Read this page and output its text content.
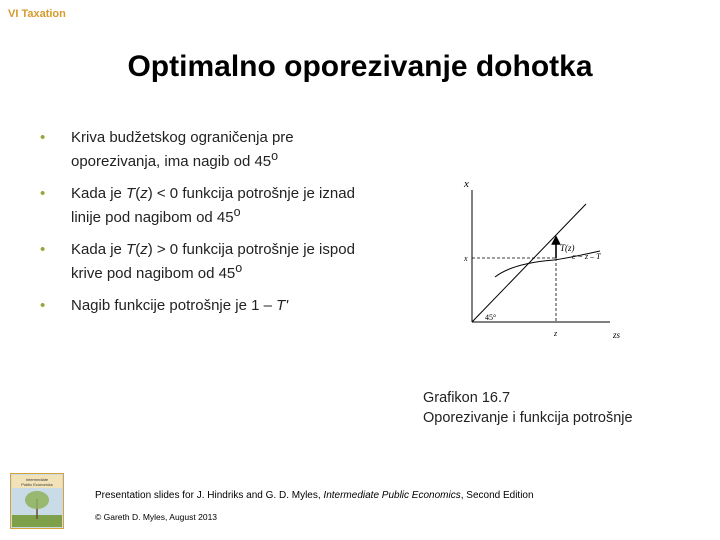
VI Taxation
Optimalno oporezivanje dohotka
• Kriva budžetskog ograničenja pre oporezivanja, ima nagib od 45$^o$
• Kada je T(z) < 0 funkcija potrošnje je iznad linije pod nagibom od 45$^o$
• Kada je T(z) > 0 funkcija potrošnje je ispod krive pod nagibom od 45$^o$
• Nagib funkcije potrošnje je 1 – T'
x
zs
T(z)
c = z – T
x
z
45°
Grafikon 16.7
Oporezivanje i funkcija potrošnje
Intermediate
Public Economics
Presentation slides for J. Hindriks and G. D. Myles, Intermediate Public Economics, Second Edition
© Gareth D. Myles, August 2013
